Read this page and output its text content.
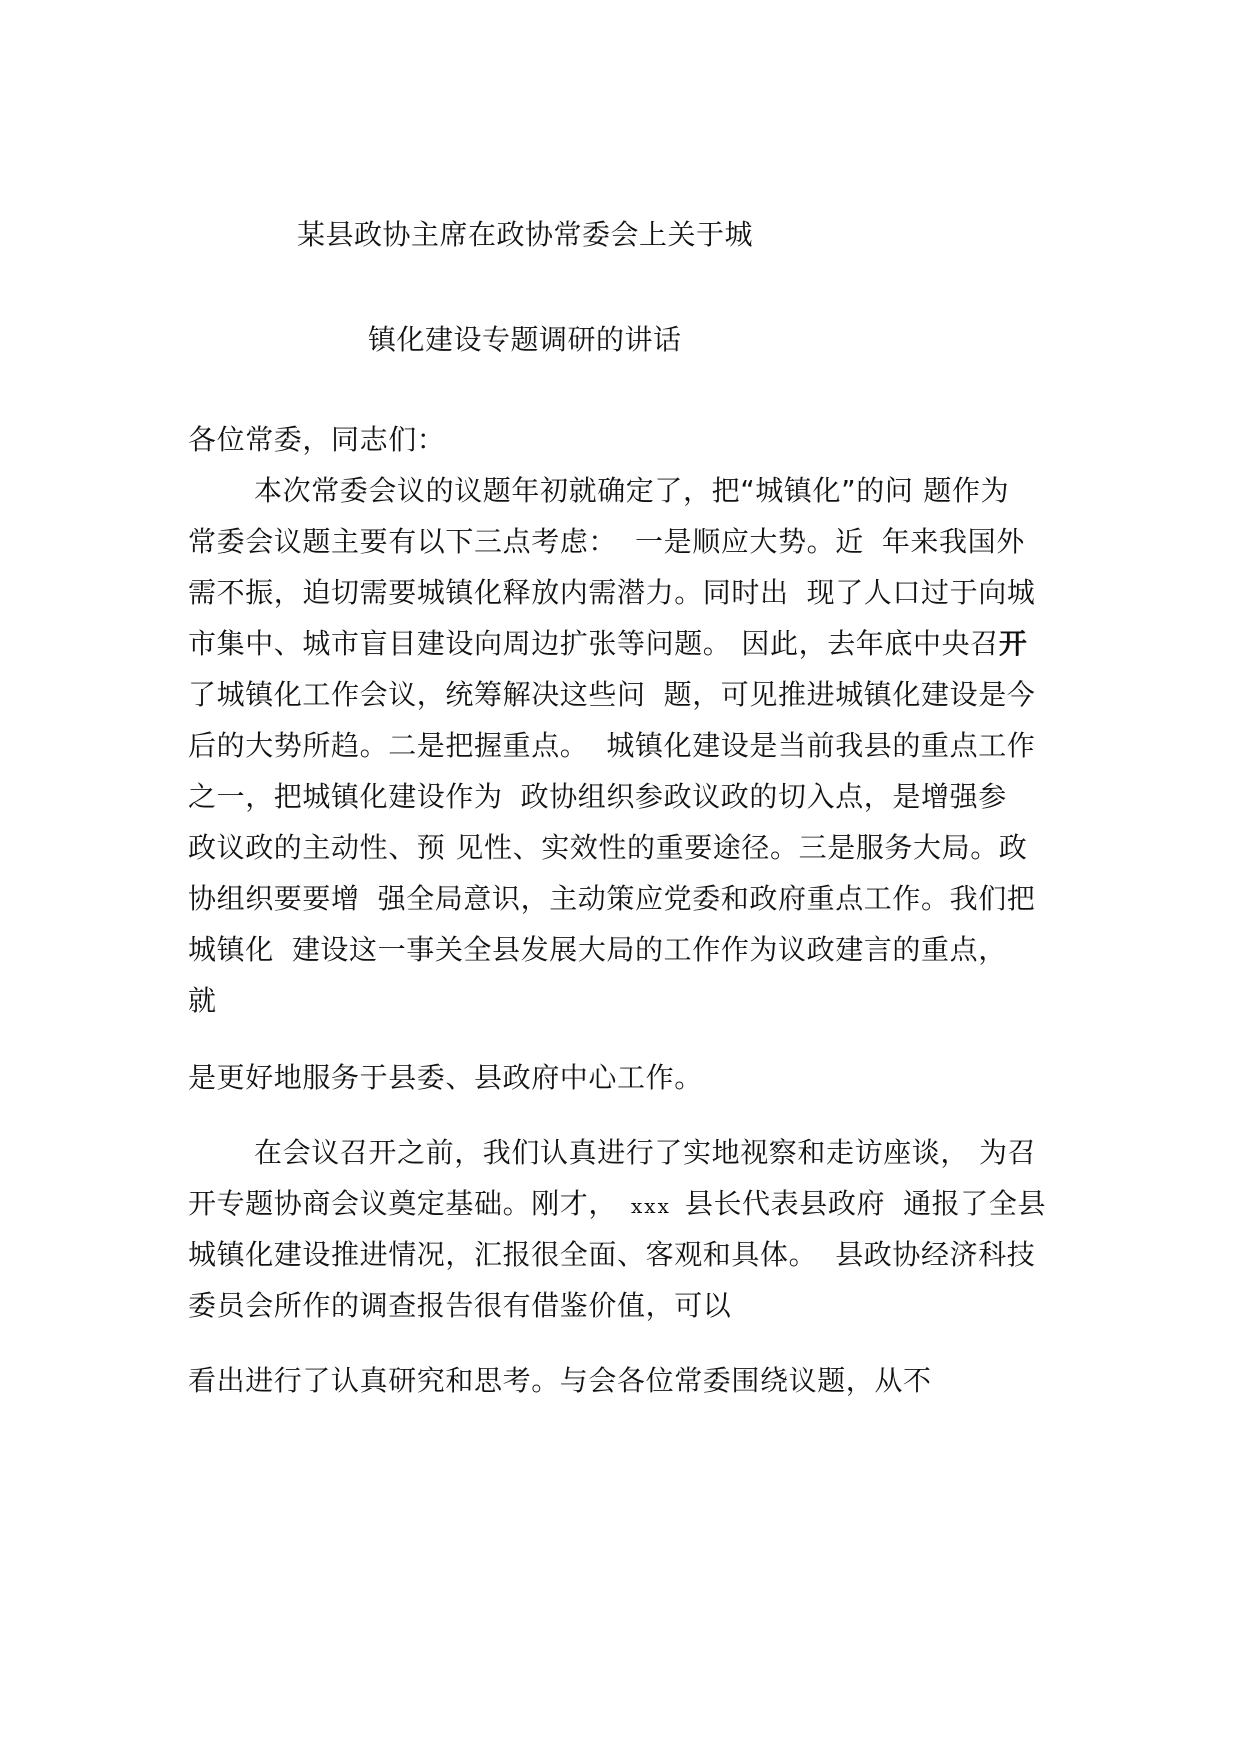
某县政协主席在政协常委会上关于城
镇化建设专题调研的讲话
各位常委，同志们：
本次常委会议的议题年初就确定了，把“城镇化”的问 题作为
常委会议题主要有以下三点考虑： 一是顺应大势。近 年来我国外
需不振，迫切需要城镇化释放内需潜力。同时出 现了人口过于向城
市集中、城市盲目建设向周边扩张等问题。 因此，去年底中央召开
了城镇化工作会议，统筹解决这些问 题，可见推进城镇化建设是今
后的大势所趋。二是把握重点。 城镇化建设是当前我县的重点工作
之一，把城镇化建设作为 政协组织参政议政的切入点，是增强参
政议政的主动性、预 见性、实效性的重要途径。三是服务大局。政
协组织要要增 强全局意识，主动策应党委和政府重点工作。我们把
城镇化 建设这一事关全县发展大局的工作作为议政建言的重点，
就
是更好地服务于县委、县政府中心工作。
在会议召开之前，我们认真进行了实地视察和走访座谈， 为召
开专题协商会议奠定基础。刚才， xxx 县长代表县政府 通报了全县
城镇化建设推进情况，汇报很全面、客观和具体。 县政协经济科技
委员会所作的调查报告很有借鉴价值，可以
看出进行了认真研究和思考。与会各位常委围绕议题，从不
